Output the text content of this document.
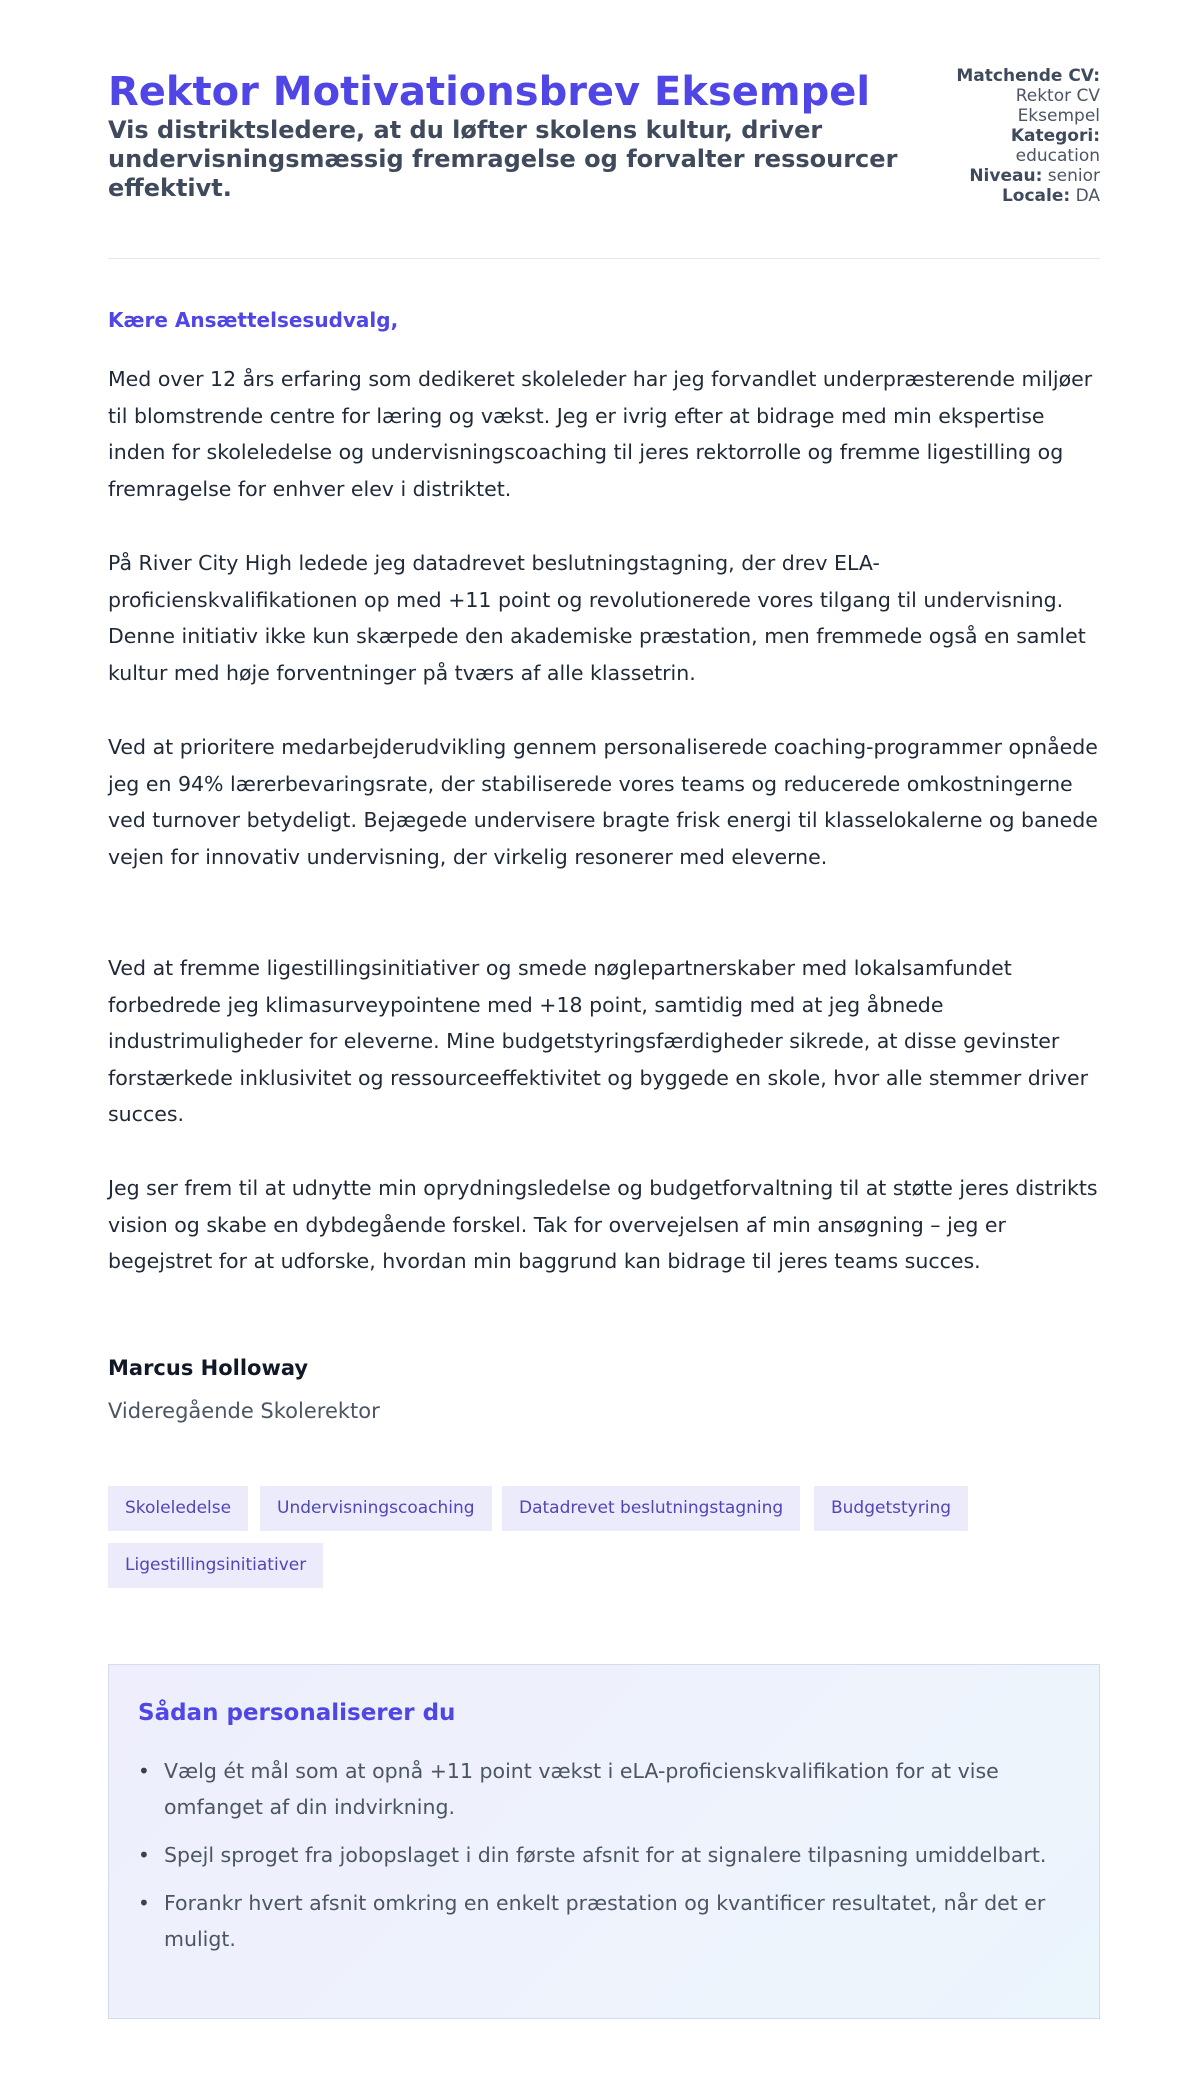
Rektor Motivationsbrev Eksempel
Vis distriktsledere, at du løfter skolens kultur, driver undervisningsmæssig fremragelse og forvalter ressourcer effektivt.
Matchende CV:
Rektor CV
Eksempel
Kategori:
education
Niveau: senior
Locale: DA
Kære Ansættelsesudvalg,

Med over 12 års erfaring som dedikeret skoleleder har jeg forvandlet underpræsterende miljøer til blomstrende centre for læring og vækst. Jeg er ivrig efter at bidrage med min ekspertise inden for skoleledelse og undervisningscoaching til jeres rektorrolle og fremme ligestilling og fremragelse for enhver elev i distriktet.

På River City High ledede jeg datadrevet beslutningstagning, der drev ELA-proficienskvalifikationen op med +11 point og revolutionerede vores tilgang til undervisning. Denne initiativ ikke kun skærpede den akademiske præstation, men fremmede også en samlet kultur med høje forventninger på tværs af alle klassetrin.

Ved at prioritere medarbejderudvikling gennem personaliserede coaching-programmer opnåede jeg en 94% lærerbevaringsrate, der stabiliserede vores teams og reducerede omkostningerne ved turnover betydeligt. Bejægede undervisere bragte frisk energi til klasselokalerne og banede vejen for innovativ undervisning, der virkelig resonerer med eleverne.

Ved at fremme ligestillingsinitiativer og smede nøglepartnerskaber med lokalsamfundet forbedrede jeg klimasurveypointene med +18 point, samtidig med at jeg åbnede industrimuligheder for eleverne. Mine budgetstyringsfærdigheder sikrede, at disse gevinster forstærkede inklusivitet og ressourceeffektivitet og byggede en skole, hvor alle stemmer driver succes.

Jeg ser frem til at udnytte min oprydningsledelse og budgetforvaltning til at støtte jeres distrikts vision og skabe en dybdegående forskel. Tak for overvejelsen af min ansøgning – jeg er begejstret for at udforske, hvordan min baggrund kan bidrage til jeres teams succes.

Marcus Holloway
Videregående Skolerektor
Skoleledelse	Undervisningscoaching	Datadrevet beslutningstagning	Budgetstyring
Ligestillingsinitiativer
Sådan personaliserer du
• Vælg ét mål som at opnå +11 point vækst i eLA-proficienskvalifikation for at vise omfanget af din indvirkning.
• Spejl sproget fra jobopslaget i din første afsnit for at signalere tilpasning umiddelbart.
• Forankr hvert afsnit omkring en enkelt præstation og kvantificer resultatet, når det er muligt.
